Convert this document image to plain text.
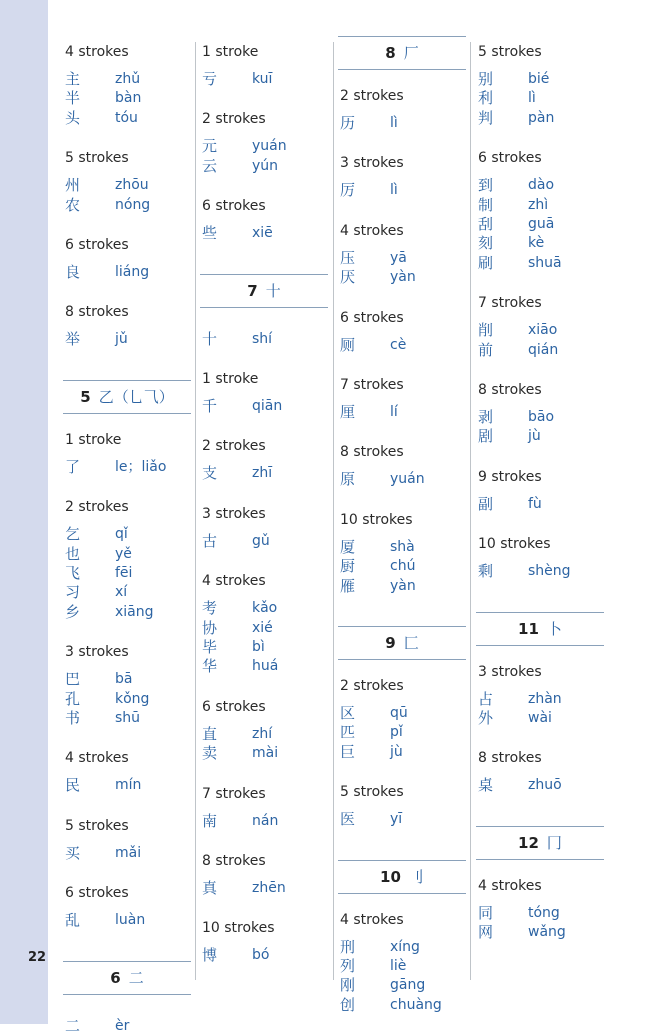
22
4 strokes
主 zhǔ
半 bàn
头 tóu
5 strokes
州 zhōu
农 nóng
6 strokes
良 liáng
8 strokes
举 jǔ
5 乙（乚⺄）
1 stroke
了 le；liǎo
2 strokes
乞 qǐ
也 yě
飞 fēi
习 xí
乡 xiāng
3 strokes
巴 bā
孔 kǒng
书 shū
4 strokes
民 mín
5 strokes
买 mǎi
6 strokes
乱 luàn
6 二
二 èr
1 stroke
亏 kuī
2 strokes
元 yuán
云 yún
6 strokes
些 xiē
7 十
十 shí
1 stroke
千 qiān
2 strokes
支 zhī
3 strokes
古 gǔ
4 strokes
考 kǎo
协 xié
毕 bì
华 huá
6 strokes
直 zhí
卖 mài
7 strokes
南 nán
8 strokes
真 zhēn
10 strokes
博 bó
8 厂
2 strokes
历 lì
3 strokes
厉 lì
4 strokes
压 yā
厌 yàn
6 strokes
厕 cè
7 strokes
厘 lí
8 strokes
原 yuán
10 strokes
厦 shà
厨 chú
雁 yàn
9 匚
2 strokes
区 qū
匹 pǐ
巨 jù
5 strokes
医 yī
10 刂
4 strokes
刑 xíng
列 liè
刚 gāng
创 chuàng
5 strokes
别 bié
利 lì
判 pàn
6 strokes
到 dào
制 zhì
刮 guā
刻 kè
刷 shuā
7 strokes
削 xiāo
前 qián
8 strokes
剥 bāo
剧 jù
9 strokes
副 fù
10 strokes
剩 shèng
11 卜
3 strokes
占 zhàn
外 wài
8 strokes
桌 zhuō
12 冂
4 strokes
同 tóng
网 wǎng
